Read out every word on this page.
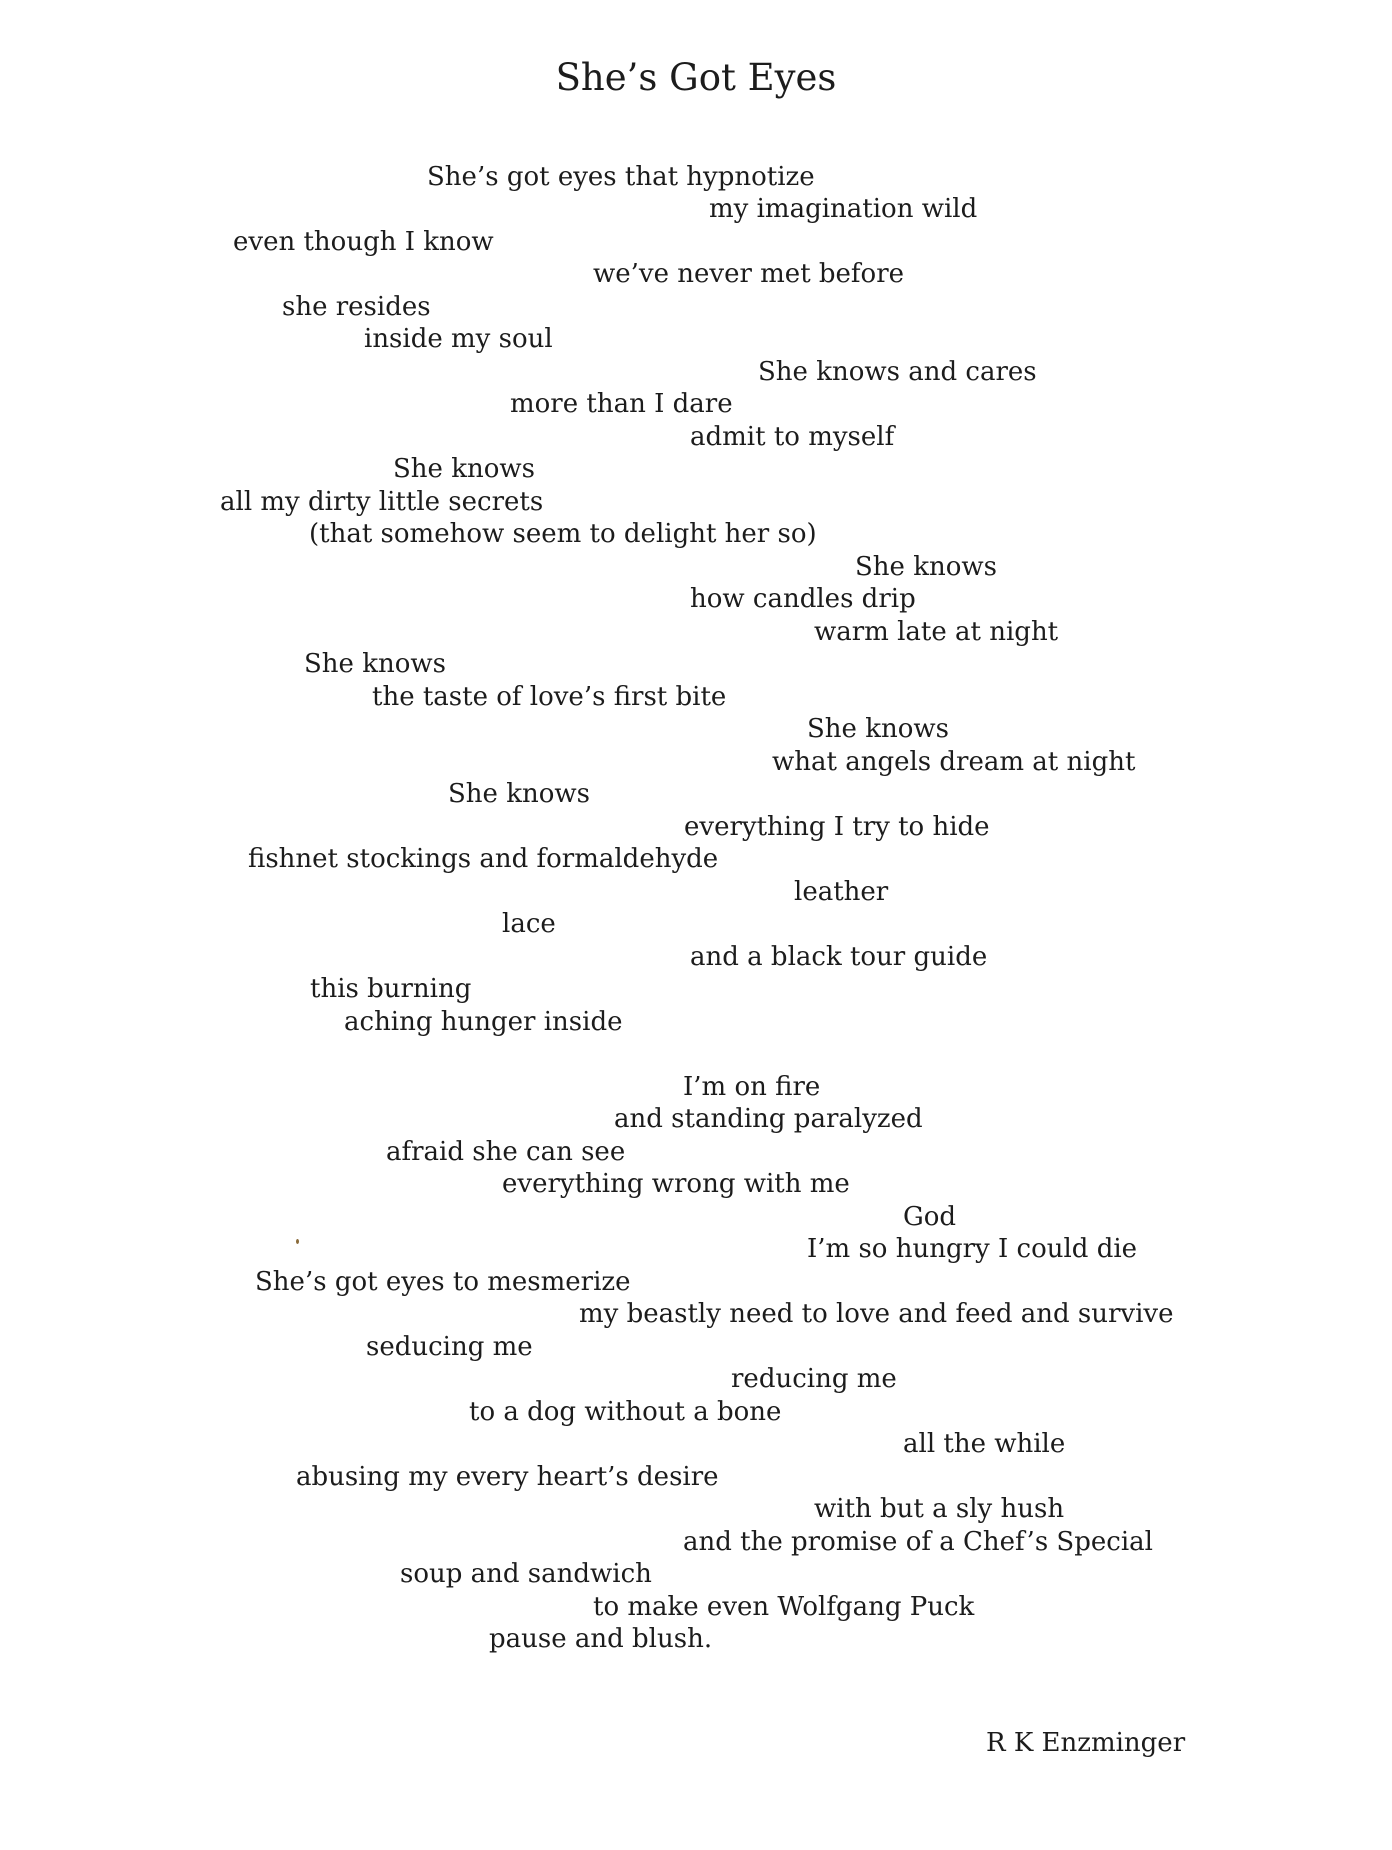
She’s Got Eyes
She’s got eyes that hypnotize
my imagination wild
even though I know
we’ve never met before
she resides
inside my soul
She knows and cares
more than I dare
admit to myself
She knows
all my dirty little secrets
(that somehow seem to delight her so)
She knows
how candles drip
warm late at night
She knows
the taste of love’s first bite
She knows
what angels dream at night
She knows
everything I try to hide
fishnet stockings and formaldehyde
leather
lace
and a black tour guide
this burning
aching hunger inside
I’m on fire
and standing paralyzed
afraid she can see
everything wrong with me
God
I’m so hungry I could die
She’s got eyes to mesmerize
my beastly need to love and feed and survive
seducing me
reducing me
to a dog without a bone
all the while
abusing my every heart’s desire
with but a sly hush
and the promise of a Chef’s Special
soup and sandwich
to make even Wolfgang Puck
pause and blush.
R K Enzminger
